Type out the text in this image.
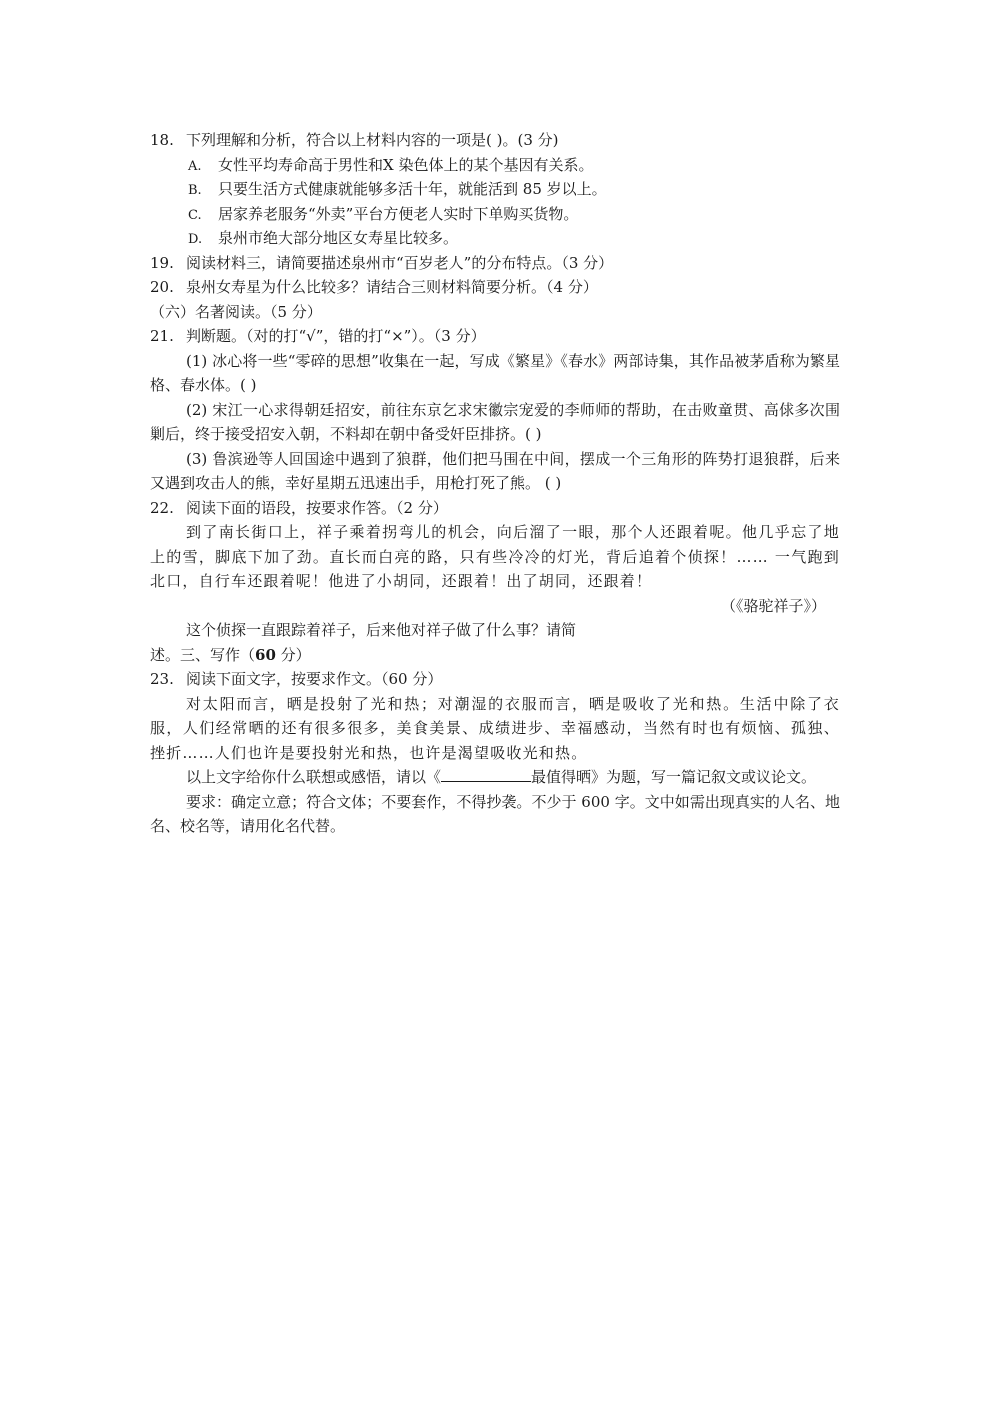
18. 下列理解和分析，符合以上材料内容的一项是( )。(3 分)
A. 女性平均寿命高于男性和X 染色体上的某个基因有关系。
B. 只要生活方式健康就能够多活十年，就能活到 85 岁以上。
C. 居家养老服务“外卖”平台方便老人实时下单购买货物。
D. 泉州市绝大部分地区女寿星比较多。
19. 阅读材料三，请简要描述泉州市“百岁老人”的分布特点。（3 分）
20. 泉州女寿星为什么比较多？请结合三则材料简要分析。（4 分）
（六）名著阅读。（5 分）
21. 判断题。（对的打“√”，错的打“×”）。（3 分）
(1) 冰心将一些“零碎的思想”收集在一起，写成《繁星》《春水》两部诗集，其作品被茅盾称为繁星格、春水体。( )
(2) 宋江一心求得朝廷招安，前往东京乞求宋徽宗宠爱的李师师的帮助，在击败童贯、高俅多次围剿后，终于接受招安入朝，不料却在朝中备受奸臣排挤。( )
(3) 鲁滨逊等人回国途中遇到了狼群，他们把马围在中间，摆成一个三角形的阵势打退狼群，后来又遇到攻击人的熊，幸好星期五迅速出手，用枪打死了熊。 ( )
22. 阅读下面的语段，按要求作答。（2 分）
到了南长街口上，祥子乘着拐弯儿的机会，向后溜了一眼，那个人还跟着呢。他几乎忘了地上的雪，脚底下加了劲。直长而白亮的路，只有些冷冷的灯光，背后追着个侦探！…… 一气跑到北口，自行车还跟着呢！他进了小胡同，还跟着！出了胡同，还跟着！
（《骆驼祥子》）
这个侦探一直跟踪着祥子，后来他对祥子做了什么事？请简
述。三、写作（60 分）
23. 阅读下面文字，按要求作文。（60 分）
对太阳而言，晒是投射了光和热；对潮湿的衣服而言，晒是吸收了光和热。生活中除了衣服，人们经常晒的还有很多很多，美食美景、成绩进步、幸福感动，当然有时也有烦恼、孤独、挫折……人们也许是要投射光和热，也许是渴望吸收光和热。
以上文字给你什么联想或感悟，请以《	最值得晒》为题，写一篇记叙文或议论文。
要求：确定立意；符合文体；不要套作，不得抄袭。不少于 600 字。文中如需出现真实的人名、地名、校名等，请用化名代替。
